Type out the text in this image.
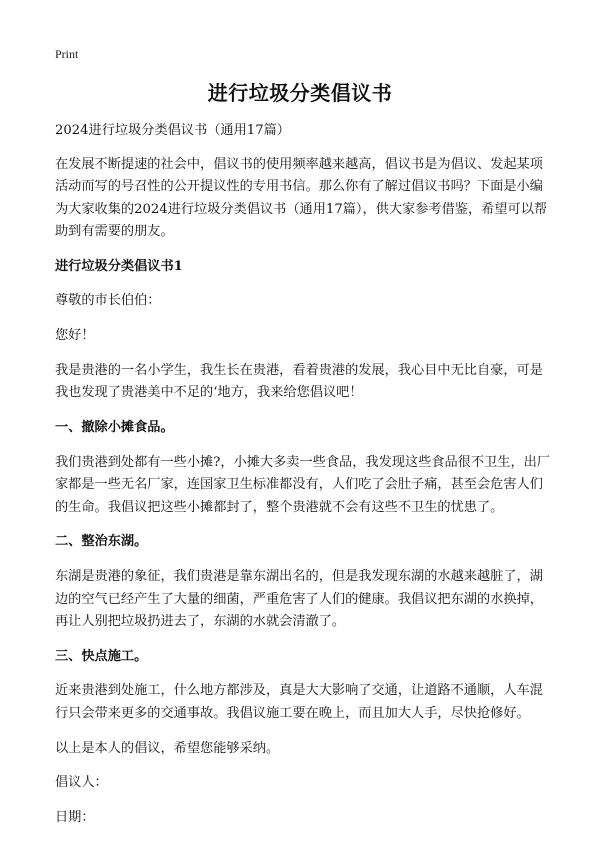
Print
进行垃圾分类倡议书

2024进行垃圾分类倡议书（通用17篇）

在发展不断提速的社会中，倡议书的使用频率越来越高，倡议书是为倡议、发起某项活动而写的号召性的公开提议性的专用书信。那么你有了解过倡议书吗？下面是小编为大家收集的2024进行垃圾分类倡议书（通用17篇），供大家参考借鉴，希望可以帮助到有需要的朋友。

进行垃圾分类倡议书1

尊敬的市长伯伯：

您好！

我是贵港的一名小学生，我生长在贵港，看着贵港的发展，我心目中无比自豪，可是我也发现了贵港美中不足的‘地方，我来给您倡议吧！

一、撤除小摊食品。

我们贵港到处都有一些小摊?，小摊大多卖一些食品，我发现这些食品很不卫生，出厂家都是一些无名厂家，连国家卫生标准都没有，人们吃了会肚子痛，甚至会危害人们的生命。我倡议把这些小摊都封了，整个贵港就不会有这些不卫生的忧患了。

二、整治东湖。

东湖是贵港的象征，我们贵港是靠东湖出名的，但是我发现东湖的水越来越脏了，湖边的空气已经产生了大量的细菌，严重危害了人们的健康。我倡议把东湖的水换掉，再让人别把垃圾扔进去了，东湖的水就会清澈了。

三、快点施工。

近来贵港到处施工，什么地方都涉及，真是大大影响了交通，让道路不通顺，人车混行只会带来更多的交通事故。我倡议施工要在晚上，而且加大人手，尽快抢修好。

以上是本人的倡议，希望您能够采纳。

倡议人：

日期：
